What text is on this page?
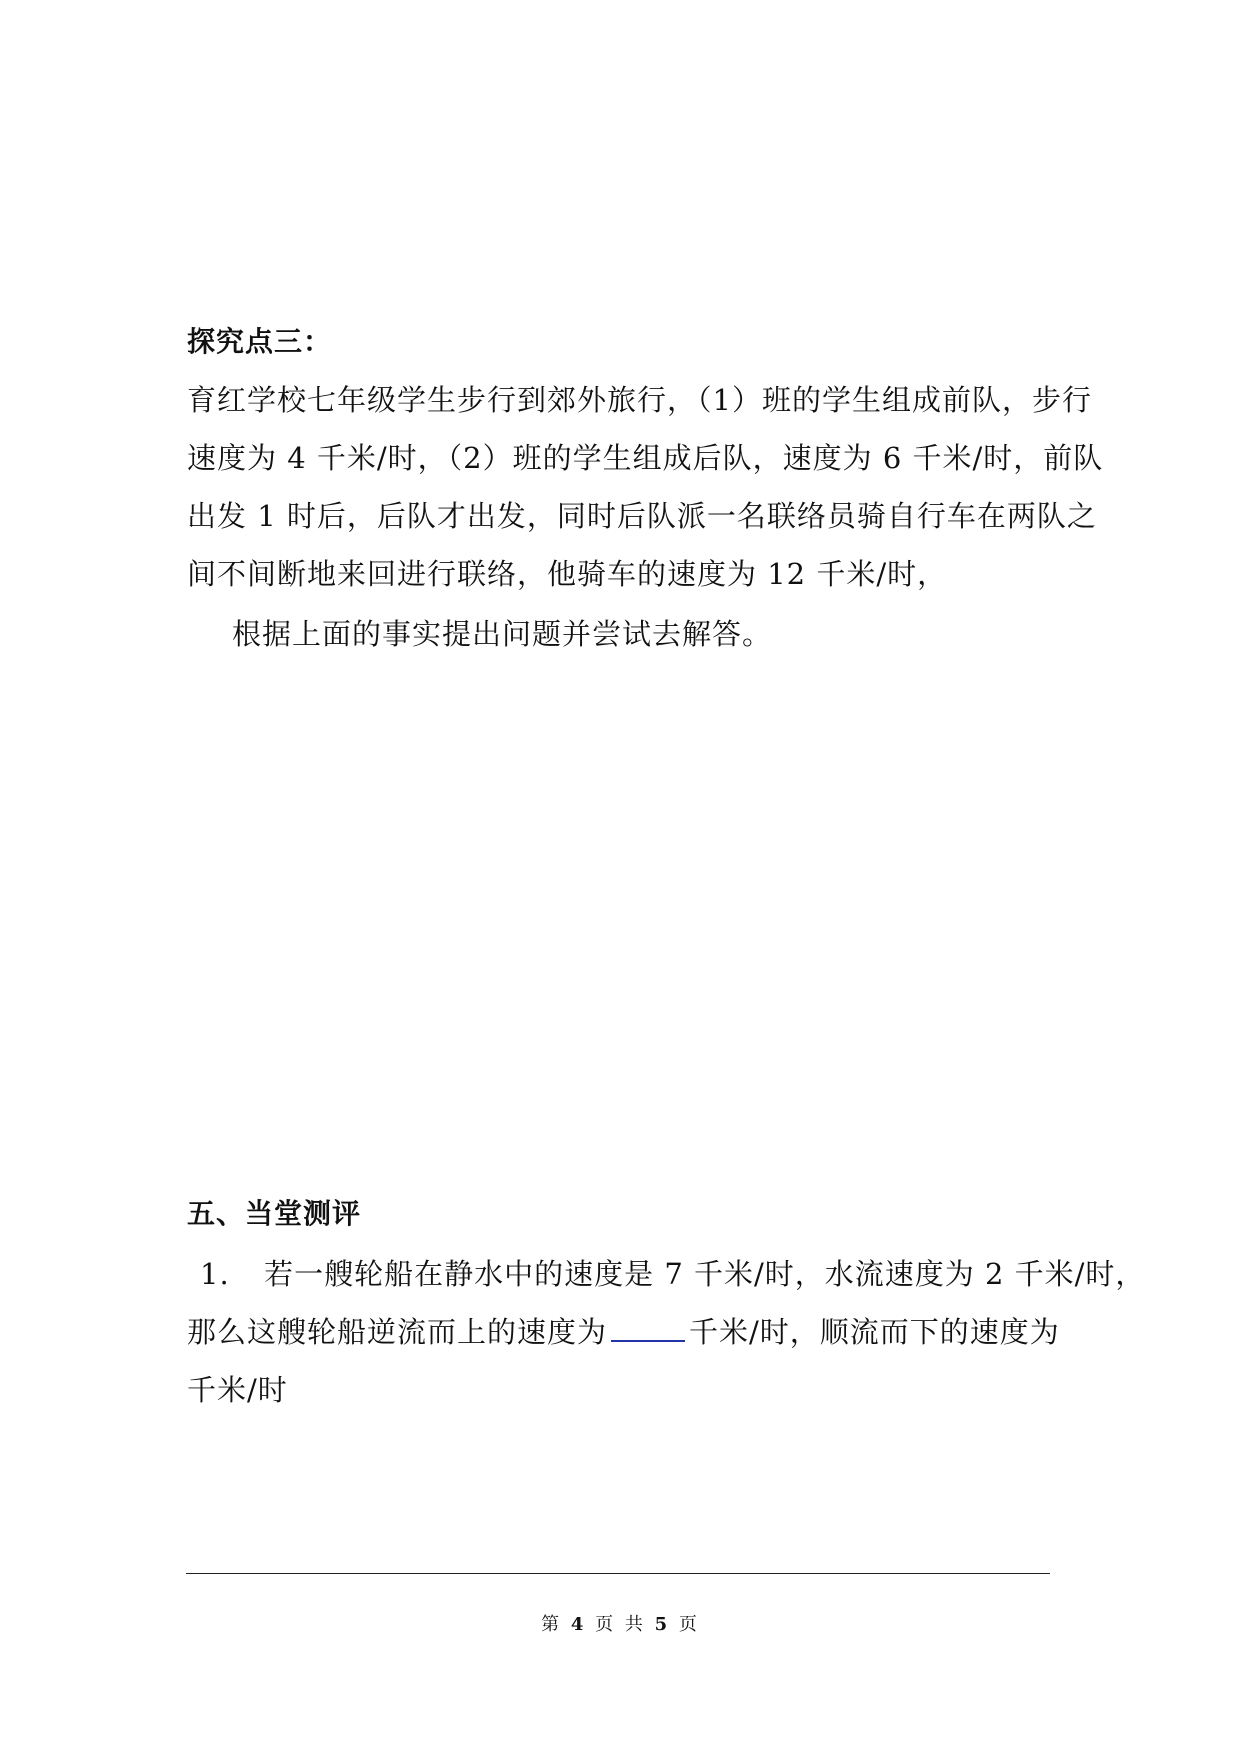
探究点三：
育红学校七年级学生步行到郊外旅行，（1）班的学生组成前队，步行
速度为 4 千米/时，（2）班的学生组成后队，速度为 6 千米/时，前队
出发 1 时后，后队才出发，同时后队派一名联络员骑自行车在两队之
间不间断地来回进行联络，他骑车的速度为 12 千米/时，
根据上面的事实提出问题并尝试去解答。
五、当堂测评
1. 若一艘轮船在静水中的速度是 7 千米/时，水流速度为 2 千米/时，
那么这艘轮船逆流而上的速度为	千米/时，顺流而下的速度为
千米/时
第 4 页 共 5 页
